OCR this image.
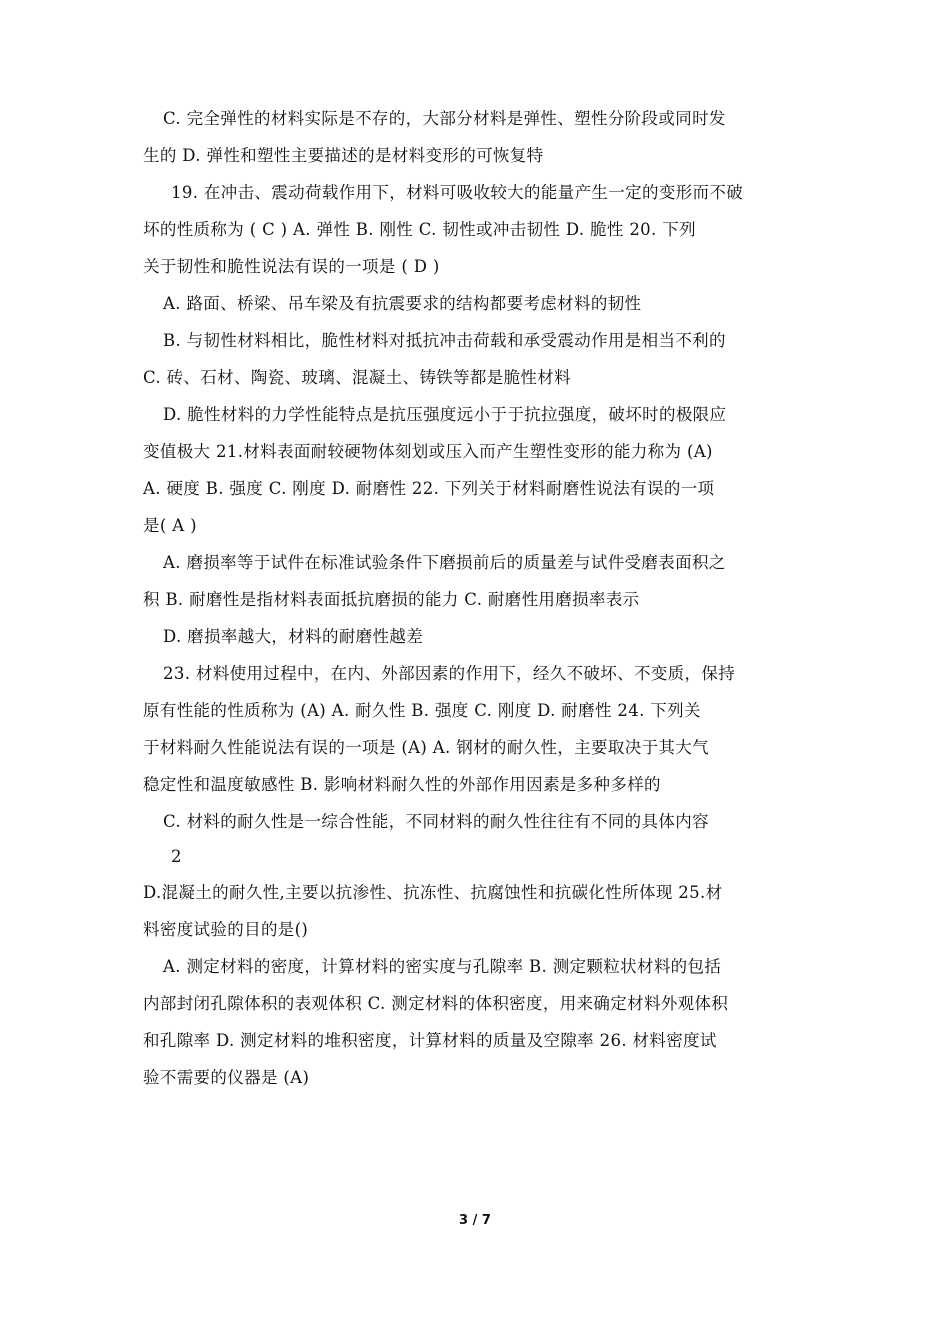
C. 完全弹性的材料实际是不存的，大部分材料是弹性、塑性分阶段或同时发
生的 D. 弹性和塑性主要描述的是材料变形的可恢复特
19. 在冲击、震动荷载作用下，材料可吸收较大的能量产生一定的变形而不破
坏的性质称为 ( C ) A. 弹性 B. 刚性 C. 韧性或冲击韧性 D. 脆性 20. 下列
关于韧性和脆性说法有误的一项是 ( D )
A. 路面、桥梁、吊车梁及有抗震要求的结构都要考虑材料的韧性
B. 与韧性材料相比，脆性材料对抵抗冲击荷载和承受震动作用是相当不利的
C. 砖、石材、陶瓷、玻璃、混凝土、铸铁等都是脆性材料
D. 脆性材料的力学性能特点是抗压强度远小于于抗拉强度，破坏时的极限应
变值极大 21.材料表面耐较硬物体刻划或压入而产生塑性变形的能力称为 (A)
A. 硬度 B. 强度 C. 刚度 D. 耐磨性 22. 下列关于材料耐磨性说法有误的一项
是( A )
A. 磨损率等于试件在标准试验条件下磨损前后的质量差与试件受磨表面积之
积 B. 耐磨性是指材料表面抵抗磨损的能力 C. 耐磨性用磨损率表示
D. 磨损率越大，材料的耐磨性越差
23. 材料使用过程中，在内、外部因素的作用下，经久不破坏、不变质，保持
原有性能的性质称为 (A) A. 耐久性 B. 强度 C. 刚度 D. 耐磨性 24. 下列关
于材料耐久性能说法有误的一项是 (A) A. 钢材的耐久性，主要取决于其大气
稳定性和温度敏感性 B. 影响材料耐久性的外部作用因素是多种多样的
C. 材料的耐久性是一综合性能，不同材料的耐久性往往有不同的具体内容
2
D.混凝土的耐久性,主要以抗渗性、抗冻性、抗腐蚀性和抗碳化性所体现 25.材
料密度试验的目的是()
A. 测定材料的密度，计算材料的密实度与孔隙率 B. 测定颗粒状材料的包括
内部封闭孔隙体积的表观体积 C. 测定材料的体积密度，用来确定材料外观体积
和孔隙率 D. 测定材料的堆积密度，计算材料的质量及空隙率 26. 材料密度试
验不需要的仪器是 (A)
3 / 7
